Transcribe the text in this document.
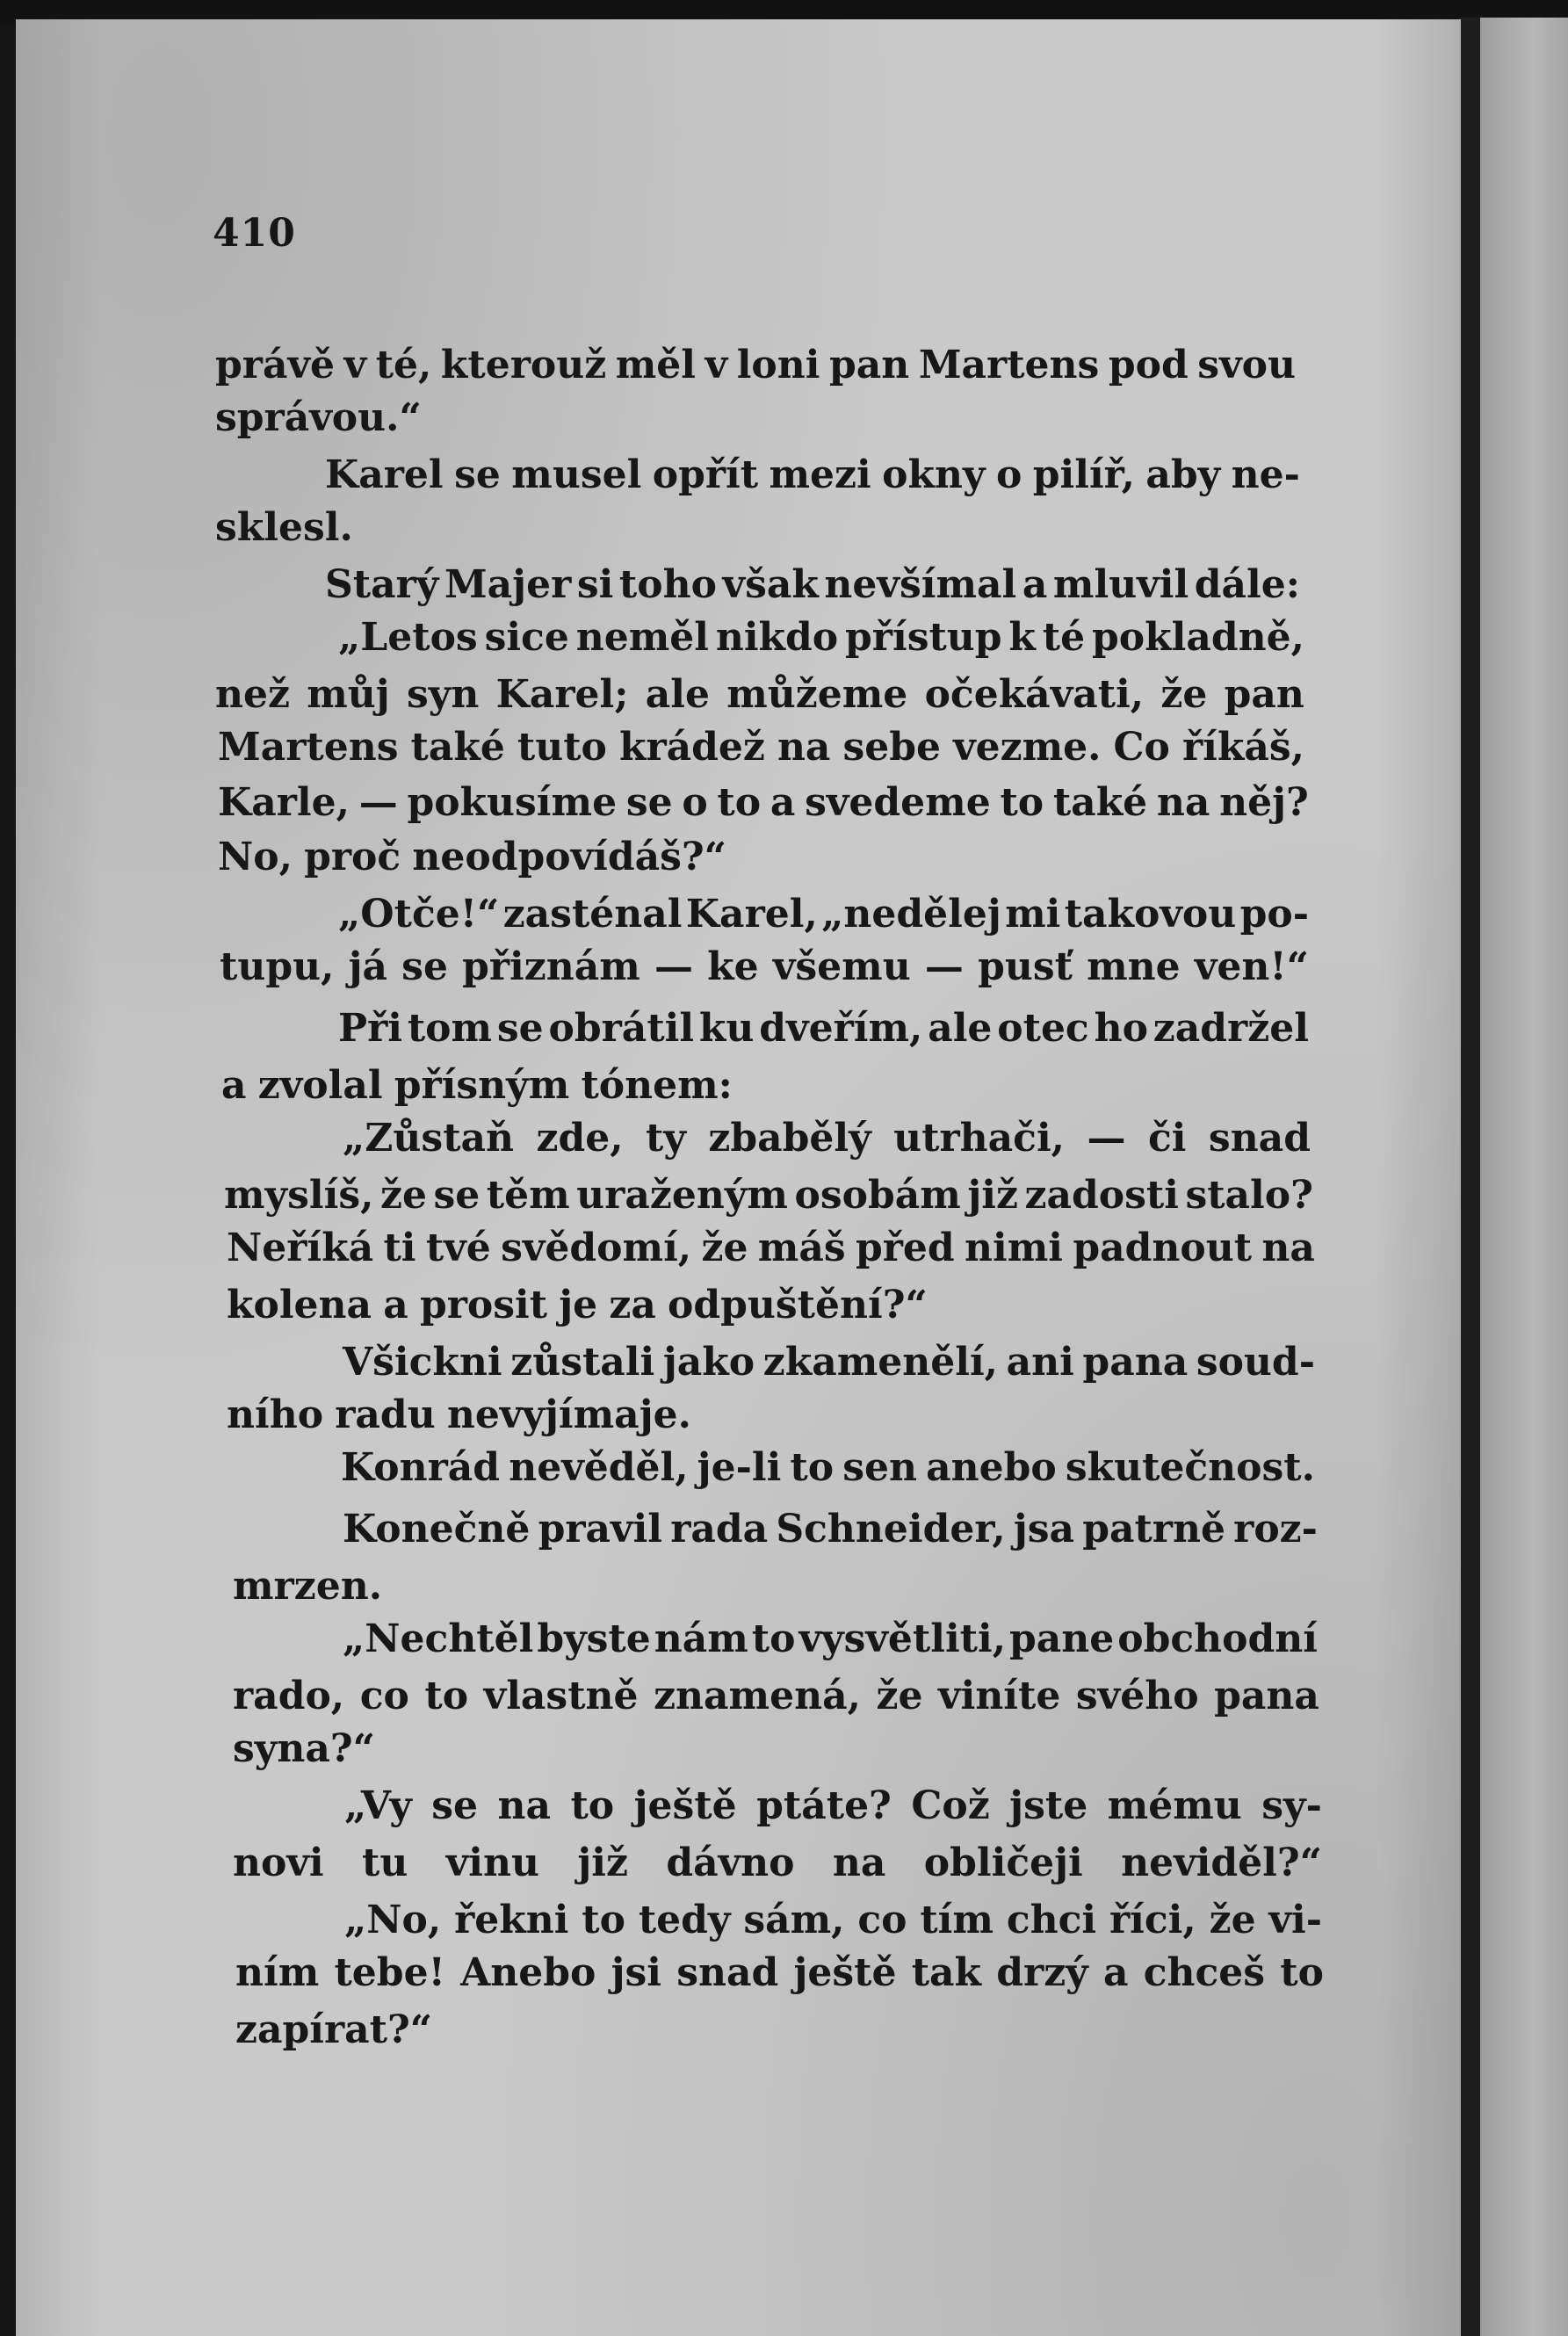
410
právě v té, kterouž měl v loni pan Martens pod svou
správou.“
Karel se musel opřít mezi okny o pilíř, aby ne-
sklesl.
Starý Majer si toho však nevšímal a mluvil dále:
„Letos sice neměl nikdo přístup k té pokladně,
než můj syn Karel; ale můžeme očekávati, že pan
Martens také tuto krádež na sebe vezme. Co říkáš,
Karle, — pokusíme se o to a svedeme to také na něj?
No, proč neodpovídáš?“
„Otče!“ zasténal Karel, „nedělej mi takovou po-
tupu, já se přiznám — ke všemu — pusť mne ven!“
Při tom se obrátil ku dveřím, ale otec ho zadržel
a zvolal přísným tónem:
„Zůstaň zde, ty zbabělý utrhači, — či snad
myslíš, že se těm uraženým osobám již zadosti stalo?
Neříká ti tvé svědomí, že máš před nimi padnout na
kolena a prosit je za odpuštění?“
Všickni zůstali jako zkamenělí, ani pana soud-
ního radu nevyjímaje.
Konrád nevěděl, je-li to sen anebo skutečnost.
Konečně pravil rada Schneider, jsa patrně roz-
mrzen.
„Nechtěl byste nám to vysvětliti, pane obchodní
rado, co to vlastně znamená, že viníte svého pana
syna?“
„Vy se na to ještě ptáte? Což jste mému sy-
novi tu vinu již dávno na obličeji neviděl?“
„No, řekni to tedy sám, co tím chci říci, že vi-
ním tebe! Anebo jsi snad ještě tak drzý a chceš to
zapírat?“
